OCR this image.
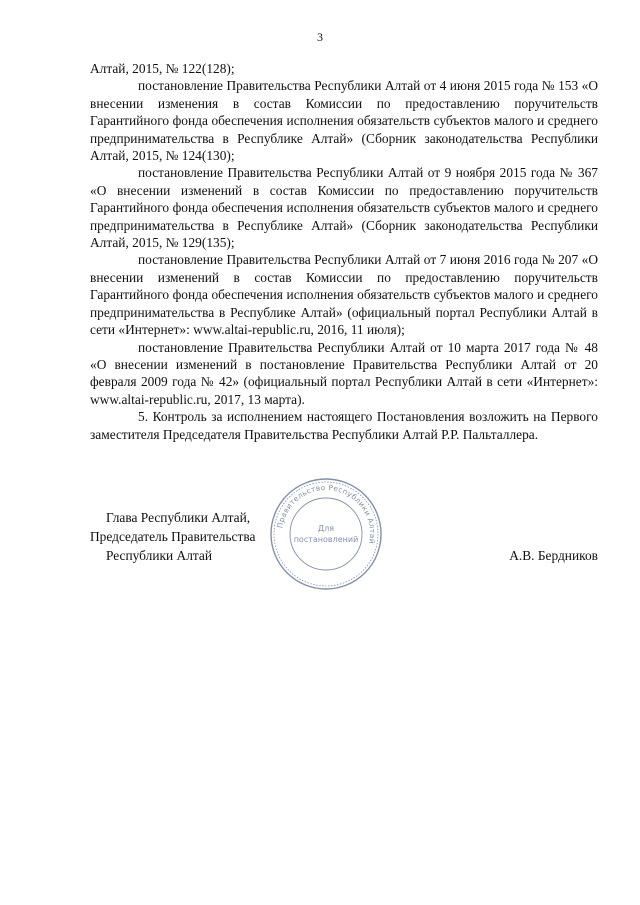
3

Алтай, 2015, № 122(128);

постановление Правительства Республики Алтай от 4 июня 2015 года № 153 «О внесении изменения в состав Комиссии по предоставлению поручительств Гарантийного фонда обеспечения исполнения обязательств субъектов малого и среднего предпринимательства в Республике Алтай» (Сборник законодательства Республики Алтай, 2015, № 124(130);

постановление Правительства Республики Алтай от 9 ноября 2015 года № 367 «О внесении изменений в состав Комиссии по предоставлению поручительств Гарантийного фонда обеспечения исполнения обязательств субъектов малого и среднего предпринимательства в Республике Алтай» (Сборник законодательства Республики Алтай, 2015, № 129(135);

постановление Правительства Республики Алтай от 7 июня 2016 года № 207 «О внесении изменений в состав Комиссии по предоставлению поручительств Гарантийного фонда обеспечения исполнения обязательств субъектов малого и среднего предпринимательства в Республике Алтай» (официальный портал Республики Алтай в сети «Интернет»: www.altai-republic.ru, 2016, 11 июля);

постановление Правительства Республики Алтай от 10 марта 2017 года № 48 «О внесении изменений в постановление Правительства Республики Алтай от 20 февраля 2009 года № 42» (официальный портал Республики Алтай в сети «Интернет»: www.altai-republic.ru, 2017, 13 марта).

5. Контроль за исполнением настоящего Постановления возложить на Первого заместителя Председателя Правительства Республики Алтай Р.Р. Пальталлера.

Глава Республики Алтай,
Председатель Правительства
Республики Алтай	А.В. Бердников
Правительство Республики Алтай
Для
постановлений
